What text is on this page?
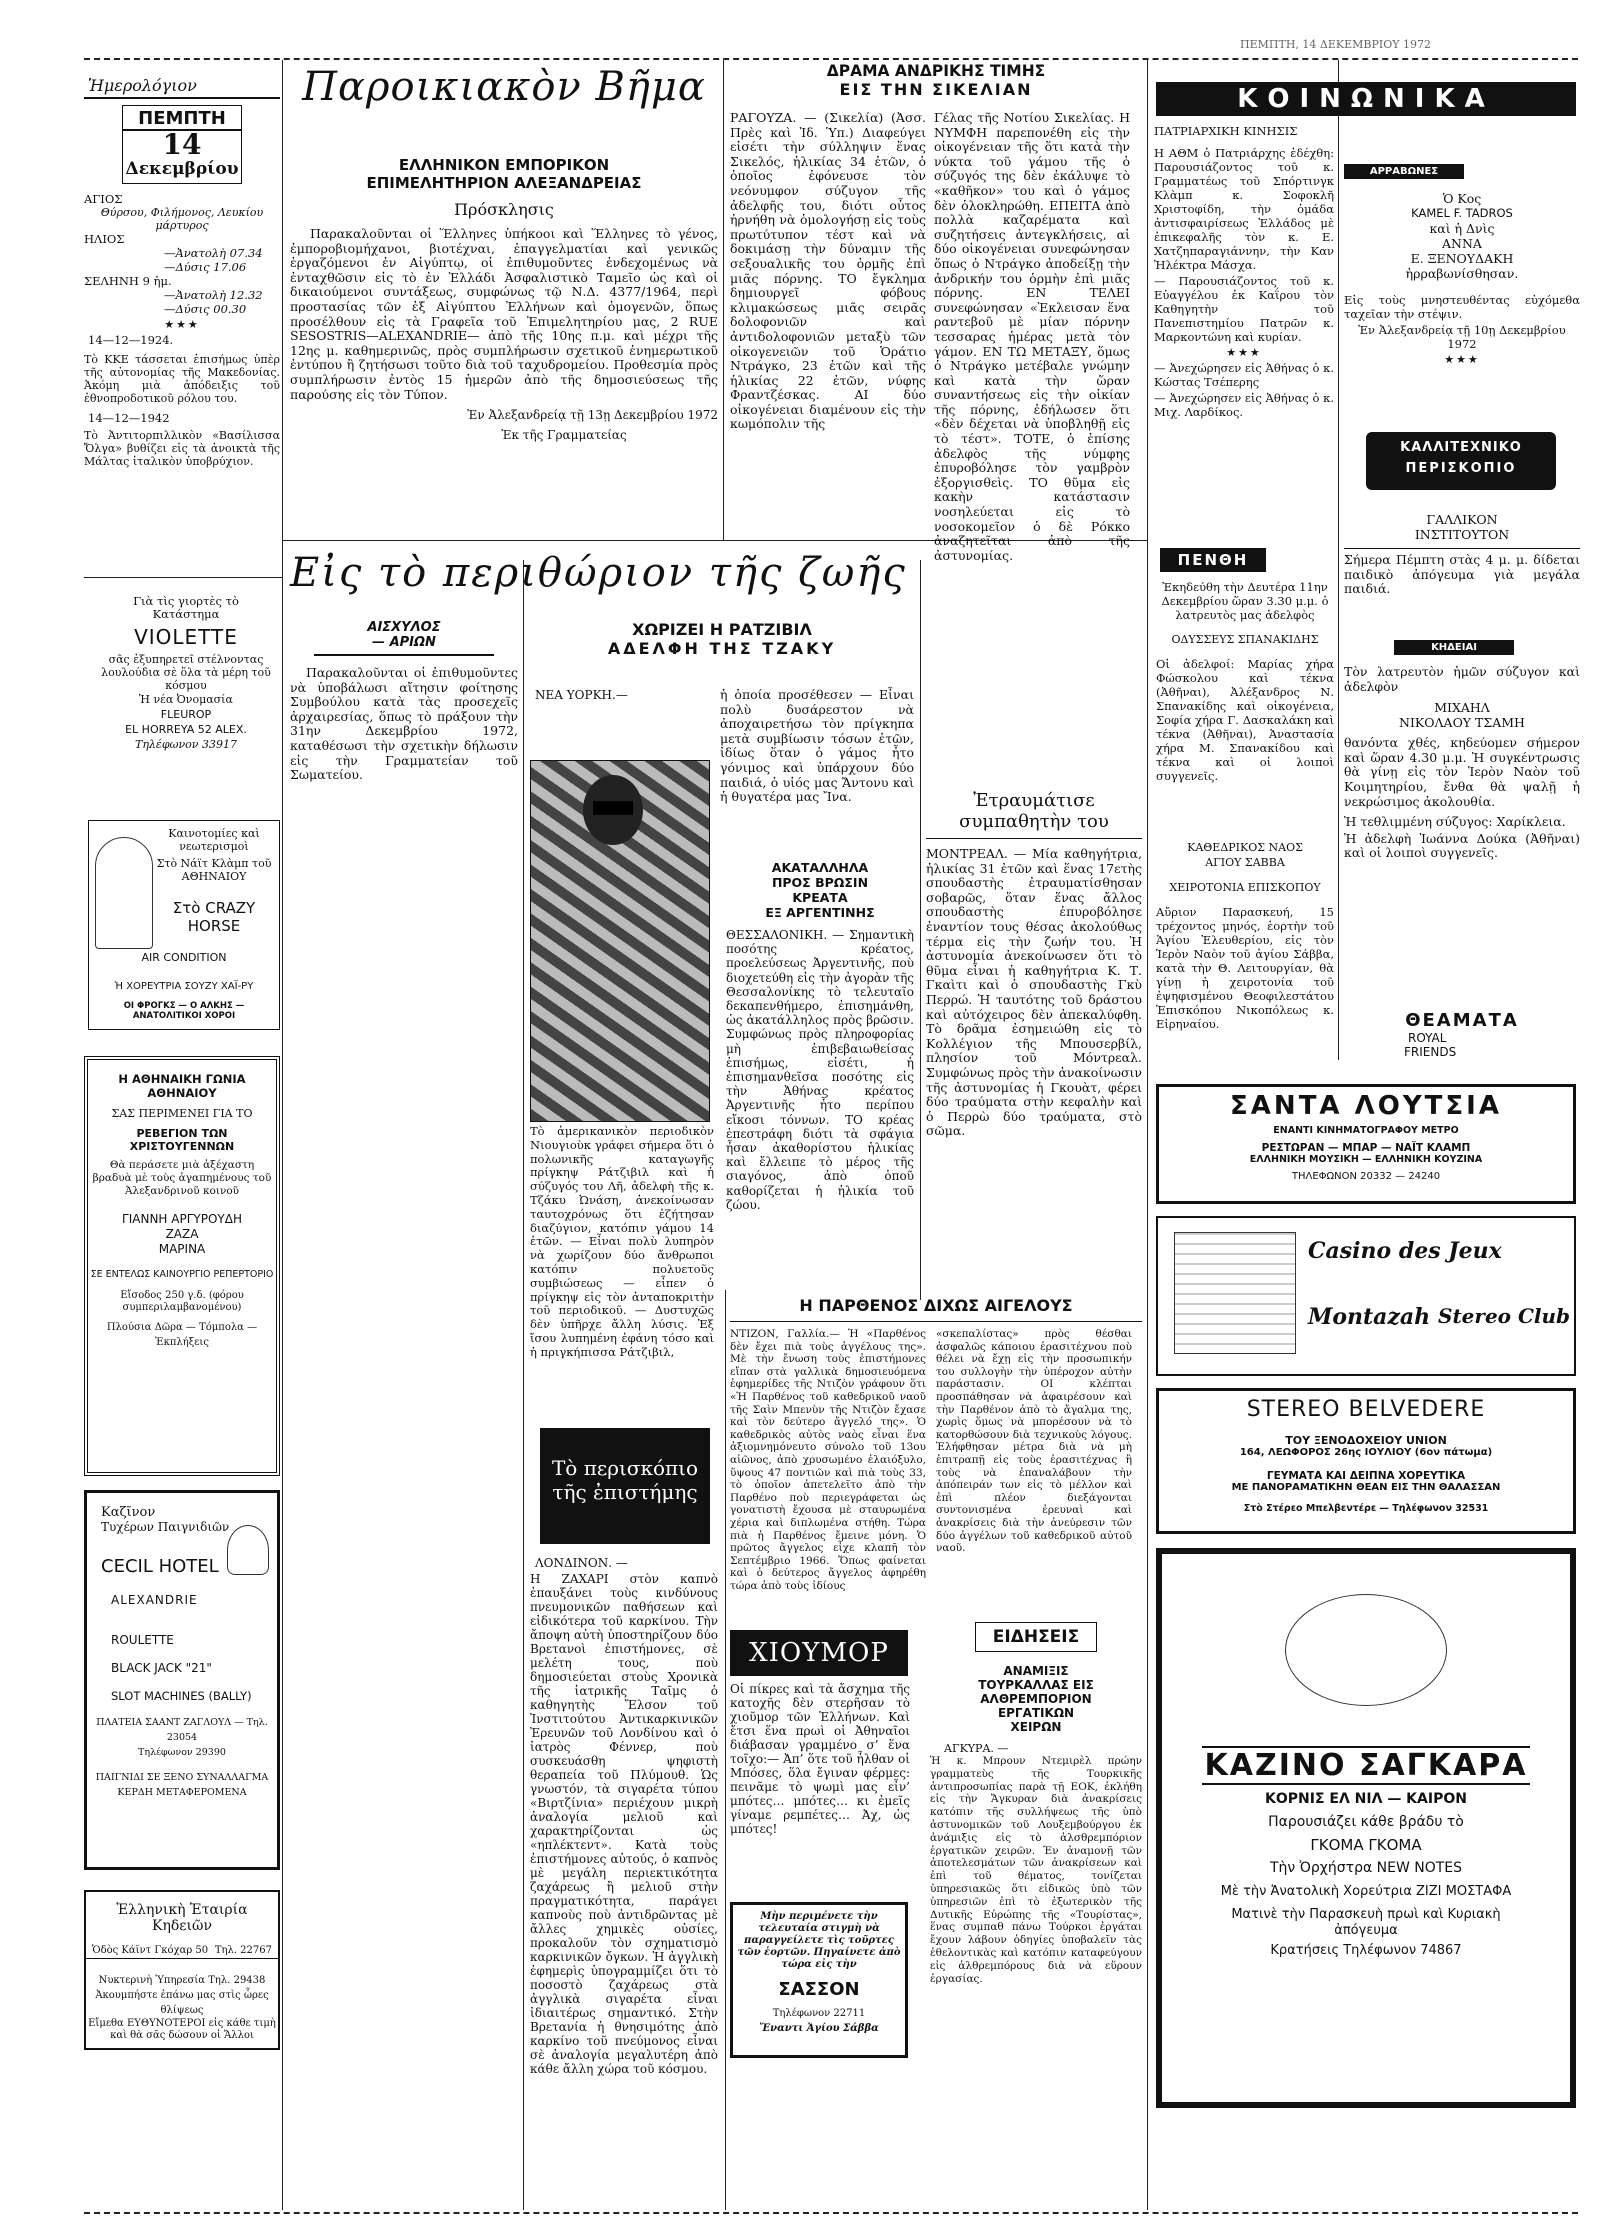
ΠΕΜΠΤΗ, 14 ΔΕΚΕΜΒΡΙΟΥ 1972
Ἡμερολόγιον
ΠΕΜΠΤΗ
14
Δεκεμβρίου
ΑΓΙΟΣ
Θύρσου, Φιλήμονος, Λευκίου μάρτυρος
ΗΛΙΟΣ
—Ἀνατολὴ 07.34
—Δύσις 17.06
ΣΕΛΗΝΗ 9 ἡμ.
—Ἀνατολὴ 12.32
—Δύσις 00.30
★★★
14—12—1924.

Τὸ ΚΚΕ τάσσεται ἐπισήμως ὑπὲρ τῆς αὐτονομίας τῆς Μακεδονίας. Ἀκόμη μιὰ ἀπόδειξις τοῦ ἐθνοπροδοτικοῦ ρόλου του.

14—12—1942

Τὸ Ἀντιτορπιλλικὸν «Βασίλισσα Ὄλγα» βυθίζει εἰς τὰ ἀνοικτὰ τῆς Μάλτας ἰταλικὸν ὑποβρύχιον.

Γιὰ τὶς γιορτὲς τὸ Κατάστημα
VIOLETTE
σᾶς ἐξυπηρετεῖ στέλνοντας λουλούδια σὲ ὅλα τὰ μέρη τοῦ κόσμου
Ἡ νέα Ὀνομασία
FLEUROP
EL HORREYA 52 ALEX.
Τηλέφωνον 33917
Καινοτομίες καὶ νεωτερισμοὶ
Στὸ Νάϊτ Κλὰμπ τοῦ ΑΘΗΝΑΙΟΥ
Στὸ CRAZY HORSE
AIR CONDITION
Ἡ ΧΟΡΕΥΤΡΙΑ ΣΟΥΖΥ ΧΑΪ-ΡΥ
ΟΙ ΦΡΟΓΚΣ — Ο ΑΛΚΗΣ — ΑΝΑΤΟΛΙΤΙΚΟΙ ΧΟΡΟΙ
Η ΑΘΗΝΑΙΚΗ ΓΩΝΙΑ ΑΘΗΝΑΙΟΥ
ΣΑΣ ΠΕΡΙΜΕΝΕΙ ΓΙΑ ΤΟ
ΡΕΒΕΓΙΟΝ ΤΩΝ ΧΡΙΣΤΟΥΓΕΝΝΩΝ
Θὰ περάσετε μιὰ ἀξέχαστη βραδυὰ μὲ τοὺς ἀγαπημένους τοῦ Ἀλεξανδρινοῦ κοινοῦ
ΓΙΑΝΝΗ ΑΡΓΥΡΟΥΔΗ
ΖΑΖΑ
ΜΑΡΙΝΑ
ΣΕ ΕΝΤΕΛΩΣ ΚΑΙΝΟΥΡΓΙΟ ΡΕΠΕΡΤΟΡΙΟ
Εἴσοδος 250 γ.δ. (φόρου συμπεριλαμβανομένου)
Πλούσια Δῶρα — Τόμπολα — Ἐκπλήξεις
Καζῖνον
Τυχέρων Παιγνιδιῶν
CECIL HOTEL
ALEXANDRIE
ROULETTE
BLACK JACK "21"
SLOT MACHINES (BALLY)
ΠΛΑΤΕΙΑ ΣΑΑΝΤ ΖΑΓΛΟΥΛ — Τηλ. 23054
Τηλέφωνον 29390
ΠΑΙΓΝΙΔΙ ΣΕ ΞΕΝΟ ΣΥΝΑΛΛΑΓΜΑ
ΚΕΡΔΗ ΜΕΤΑΦΕΡΟΜΕΝΑ
Ἑλληνικὴ Ἑταιρία Κηδειῶν
Ὁδὸς Κάϊντ Γκόχαρ 50 Τηλ. 22767
Νυκτερινὴ Ὑπηρεσία Τηλ. 29438
Ἀκουμπήστε ἐπάνω μας στὶς ὧρες θλίψεως
Εἴμεθα ΕΥΘΥΝΟΤΕΡΟΙ εἰς κάθε τιμὴ καὶ θὰ σᾶς δώσουν οἱ Ἄλλοι
Παροικιακὸν Βῆμα
ΕΛΛΗΝΙΚΟΝ ΕΜΠΟΡΙΚΟΝ
ΕΠΙΜΕΛΗΤΗΡΙΟΝ ΑΛΕΞΑΝΔΡΕΙΑΣ
Πρόσκλησις

Παρακαλοῦνται οἱ Ἕλληνες ὑπήκοοι καὶ Ἕλληνες τὸ γένος, ἐμποροβιομήχανοι, βιοτέχναι, ἐπαγγελματίαι καὶ γενικῶς ἐργαζόμενοι ἐν Αἰγύπτῳ, οἱ ἐπιθυμοῦντες ἐνδεχομένως νὰ ἐνταχθῶσιν εἰς τὸ ἐν Ἑλλάδι Ἀσφαλιστικὸ Ταμεῖο ὡς καὶ οἱ δικαιούμενοι συντάξεως, συμφώνως τῷ Ν.Δ. 4377/1964, περὶ προστασίας τῶν ἐξ Αἰγύπτου Ἑλλήνων καὶ ὁμογενῶν, ὅπως προσέλθουν εἰς τὰ Γραφεῖα τοῦ Ἐπιμελητηρίου μας, 2 RUE SESOSTRIS—ALEXANDRIE— ἀπὸ τῆς 10ης π.μ. καὶ μέχρι τῆς 12ης μ. καθημερινῶς, πρὸς συμπλήρωσιν σχετικοῦ ἐνημερωτικοῦ ἐντύπου ἢ ζητήσωσι τοῦτο διὰ τοῦ ταχυδρομείου. Προθεσμία πρὸς συμπλήρωσιν ἐντὸς 15 ἡμερῶν ἀπὸ τῆς δημοσιεύσεως τῆς παρούσης εἰς τὸν Τύπον.

Ἐν Ἀλεξανδρείᾳ τῇ 13ῃ Δεκεμβρίου 1972
Ἐκ τῆς Γραμματείας
ΔΡΑΜΑ ΑΝΔΡΙΚΗΣ ΤΙΜΗΣ
ΕΙΣ ΤΗΝ ΣΙΚΕΛΙΑΝ

ΡΑΓΟΥΖΑ. — (Σικελία) (Ἀσσ. Πρὲς καὶ Ἰδ. Ὑπ.) Διαφεύγει εἰσέτι τὴν σύλληψιν ἕνας Σικελός, ἡλικίας 34 ἐτῶν, ὁ ὁποῖος ἐφόνευσε τὸν νεόνυμφον σύζυγον τῆς ἀδελφῆς του, διότι οὗτος ἠρνήθη νὰ ὁμολογήσῃ εἰς τοὺς πρωτύτυπον τέστ καὶ νὰ δοκιμάσῃ τὴν δύναμιν τῆς σεξουαλικῆς του ὁρμῆς ἐπὶ μιᾶς πόρνης. ΤΟ ἔγκλημα δημιουργεῖ φόβους κλιμακώσεως μιᾶς σειρᾶς δολοφονιῶν καὶ ἀντιδολοφονιῶν μεταξὺ τῶν οἰκογενειῶν τοῦ Ὁράτιο Ντράγκο, 23 ἐτῶν καὶ τῆς ἡλικίας 22 ἐτῶν, νύφης Φραντζέσκας. ΑΙ δύο οἰκογένειαι διαμένουν εἰς τὴν κωμόπολιν τῆς

Γέλας τῆς Νοτίου Σικελίας. Η ΝΥΜΦΗ παρεπονέθη εἰς τὴν οἰκογένειαν τῆς ὅτι κατὰ τὴν νύκτα τοῦ γάμου τῆς ὁ σύζυγός της δὲν ἐκάλυψε τὸ «καθῆκον» του καὶ ὁ γάμος δὲν ὁλοκληρώθη. ΕΠΕΙΤΑ ἀπὸ πολλὰ καζαρέματα καὶ συζητήσεις ἀντεγκλήσεις, αἱ δύο οἰκογένειαι συνεφώνησαν ὅπως ὁ Ντράγκο ἀποδείξῃ τὴν ἀνδρικήν του ὁρμὴν ἐπὶ μιᾶς πόρνης. ΕΝ ΤΕΛΕΙ συνεφώνησαν «Ἐκλεισαν ἕνα ραντεβοῦ μὲ μίαν πόρνην τεσσαρας ἡμέρας μετὰ τὸν γάμον. ΕΝ ΤΩ ΜΕΤΑΞΥ, ὅμως ὁ Ντράγκο μετέβαλε γνώμην καὶ κατὰ τὴν ὥραν συναντήσεως εἰς τὴν οἰκίαν τῆς πόρνης, ἐδήλωσεν ὅτι «δὲν δέχεται νὰ ὑποβληθῇ εἰς τὸ τέστ». ΤΟΤΕ, ὁ ἐπίσης ἀδελφὸς τῆς νύμφης ἐπυροβόλησε τὸν γαμβρὸν ἐξοργισθεὶς. ΤΟ θῦμα εἰς κακὴν κατάστασιν νοσηλεύεται εἰς τὸ νοσοκομεῖον ὁ δὲ Ρόκκο ἀναζητεῖται ἀπὸ τῆς ἀστυνομίας.

Εἰς τὸ περιθώριον τῆς ζωῆς
ΑΙΣΧΥΛΟΣ
— ΑΡΙΩΝ

Παρακαλοῦνται οἱ ἐπιθυμοῦντες νὰ ὑποβάλωσι αἴτησιν φοίτησης Συμβούλου κατὰ τὰς προσεχεῖς ἀρχαιρεσίας, ὅπως τὸ πράξουν τὴν 31ην Δεκεμβρίου 1972, καταθέσωσι τὴν σχετικὴν δήλωσιν εἰς τὴν Γραμματείαν τοῦ Σωματείου.

ΧΩΡΙΖΕΙ Η ΡΑΤΖΙΒΙΛ
ΑΔΕΛΦΗ ΤΗΣ ΤΖΑΚΥ
ΝΕΑ ΥΟΡΚΗ.—

Τὸ ἀμερικανικὸν περιοδικὸν Νιουγιοὺκ γράφει σήμερα ὅτι ὁ πολωνικῆς καταγωγῆς πρίγκηψ Ράτζιβιλ καὶ ἡ σύζυγός του Λῆ, ἀδελφὴ τῆς κ. Τζάκυ Ὠνάση, ἀνεκοίνωσαν ταυτοχρόνως ὅτι ἐζήτησαν διαζύγιον, κατόπιν γάμου 14 ἐτῶν. — Εἶναι πολὺ λυπηρὸν νὰ χωρίζουν δύο ἄνθρωποι κατόπιν πολυετοῦς συμβιώσεως — εἶπεν ὁ πρίγκηψ εἰς τὸν ἀνταποκριτὴν τοῦ περιοδικοῦ. — Δυστυχῶς δὲν ὑπῆρχε ἄλλη λύσις. Ἐξ ἴσου λυπημένη ἐφάνη τόσο καὶ ἡ πριγκήπισσα Ράτζιβιλ,

ἡ ὁποία προσέθεσεν — Εἶναι πολὺ δυσάρεστον νὰ ἀποχαιρετήσω τὸν πρίγκηπα μετὰ συμβίωσιν τόσων ἐτῶν, ἰδίως ὅταν ὁ γάμος ἦτο γόνιμος καὶ ὑπάρχουν δύο παιδιά, ὁ υἱός μας Ἄντονυ καὶ ἡ θυγατέρα μας Ἴνα.

Τὸ περισκόπιο
τῆς ἐπιστήμης
ΛΟΝΔΙΝΟΝ. —

Η ΖΑΧΑΡΙ στὸν καπνὸ ἐπαυξάνει τοὺς κινδύνους πνευμονικῶν παθήσεων καὶ εἰδικότερα τοῦ καρκίνου. Τὴν ἄποψη αὐτὴ ὑποστηρίζουν δύο Βρετανοὶ ἐπιστήμονες, σὲ μελέτη τους, ποὺ δημοσιεύεται στοὺς Χρονικὰ τῆς ἰατρικῆς Ταῖμς ὁ καθηγητὴς Ἔλσον τοῦ Ἰνστιτούτου Ἀντικαρκινικῶν Ἐρευνῶν τοῦ Λονδίνου καὶ ὁ ἰατρὸς Φέννερ, ποὺ συσκευάσθη ψηφιστὴ θεραπεία τοῦ Πλύμουθ. Ὡς γνωστόν, τὰ σιγαρέτα τύπου «Βιρτζίνια» περιέχουν μικρὴ ἀναλογία μελιοῦ καὶ χαρακτηρίζονται ὡς «ηπλέκτεντ». Κατὰ τοὺς ἐπιστήμονες αὐτούς, ὁ καπνὸς μὲ μεγάλη περιεκτικότητα ζαχάρεως ἢ μελιοῦ στὴν πραγματικότητα, παράγει καπνοὺς ποὺ ἀντιδρῶντας μὲ ἄλλες χημικὲς οὐσίες, προκαλοῦν τὸν σχηματισμὸ καρκινικῶν ὄγκων. Ἡ ἀγγλικὴ ἐφημερὶς ὑπογραμμίζει ὅτι τὸ ποσοστὸ ζαχάρεως στὰ ἀγγλικὰ σιγαρέτα εἶναι ἰδιαιτέρως σημαντικό. Στὴν Βρετανία ἡ θνησιμότης ἀπὸ καρκίνο τοῦ πνεύμονος εἶναι σὲ ἀναλογία μεγαλυτέρη ἀπὸ κάθε ἄλλη χώρα τοῦ κόσμου.

ΑΚΑΤΑΛΛΗΛΑ
ΠΡΟΣ ΒΡΩΣΙΝ
ΚΡΕΑΤΑ
ΕΞ ΑΡΓΕΝΤΙΝΗΣ

ΘΕΣΣΑΛΟΝΙΚΗ. — Σημαντικὴ ποσότης κρέατος, προελεύσεως Ἀργεντινῆς, ποὺ διοχετεύθη εἰς τὴν ἀγορὰν τῆς Θεσσαλονίκης τὸ τελευταῖο δεκαπενθήμερο, ἐπισημάνθη, ὡς ἀκατάλληλος πρὸς βρῶσιν. Συμφώνως πρὸς πληροφορίας μὴ ἐπιβεβαιωθείσας ἐπισήμως, εἰσέτι, ἡ ἐπισημανθεῖσα ποσότης εἰς τὴν Ἀθήνας κρέατος Ἀργεντινῆς ἦτο περίπου εἴκοσι τόννων. ΤΟ κρέας ἐπεστράφη διότι τὰ σφάγια ἦσαν ἀκαθορίστου ἡλικίας καὶ ἔλλειπε τὸ μέρος τῆς σιαγόνος, ἀπὸ ὁποῦ καθορίζεται ἡ ἡλικία τοῦ ζώου.

Ἐτραυμάτισε
συμπαθητὴν του

ΜΟΝΤΡΕΑΛ. — Μία καθηγήτρια, ἡλικίας 31 ἐτῶν καὶ ἕνας 17ετὴς σπουδαστὴς ἐτραυματίσθησαν σοβαρῶς, ὅταν ἕνας ἄλλος σπουδαστὴς ἐπυροβόλησε ἐναντίον τους θέσας ἀκολούθως τέρμα εἰς τὴν ζωήν του. Ἡ ἀστυνομία ἀνεκοίνωσεν ὅτι τὸ θῦμα εἶναι ἡ καθηγήτρια Κ. Τ. Γκαὶτι καὶ ὁ σπουδαστὴς Γκὺ Περρώ. Ἡ ταυτότης τοῦ δράστου καὶ αὐτόχειρος δὲν ἀπεκαλύφθη. Τὸ δρᾶμα ἐσημειώθη εἰς τὸ Κολλέγιον τῆς Μπουσερβίλ, πλησίον τοῦ Μόντρεαλ. Συμφώνως πρὸς τὴν ἀνακοίνωσιν τῆς ἀστυνομίας ἡ Γκουὰτ, φέρει δύο τραύματα στὴν κεφαλὴν καὶ ὁ Περρὼ δύο τραύματα, στὸ σῶμα.

Η ΠΑΡΘΕΝΟΣ ΔΙΧΩΣ ΑΙΓΕΛΟΥΣ

ΝΤΙΖΟΝ, Γαλλία.— Ἡ «Παρθένος δὲν ἔχει πιὰ τοὺς ἀγγέλους της». Μὲ τὴν ἔνωση τοὺς ἐπιστήμονες εἴπαν στὰ γαλλικὰ δημοσιευόμενα ἐφημερίδες τῆς Ντιζὸν γράφουν ὅτι «Ἡ Παρθένος τοῦ καθεδρικοῦ ναοῦ τῆς Σαὶν Μπενὺν τῆς Ντιζὸν ἔχασε καὶ τὸν δεύτερο ἄγγελό της». Ὁ καθεδρικὸς αὐτὸς ναὸς εἶναι ἕνα ἀξιομνημόνευτο σύνολο τοῦ 13ου αἰῶνος, ἀπὸ χρυσωμένο ἐλαιόξυλο, ὕψους 47 ποντιῶν καὶ πιὰ τοὺς 33, τὸ ὁποῖον ἀπετελεῖτο ἀπὸ τὴν Παρθένο ποὺ περιεγράφεται ὡς γονατιστὴ ἔχουσα μὲ σταυρωμένα χέρια καὶ διπλωμένα στήθη. Τώρα πιὰ ἡ Παρθένος ἔμεινε μόνη. Ὁ πρῶτος ἄγγελος εἶχε κλαπῆ τὸν Σεπτέμβριο 1966. Ὅπως φαίνεται καὶ ὁ δεύτερος ἄγγελος ἀφηρέθη τώρα ἀπὸ τοὺς ἰδίους

«σκεπαλίστας» πρὸς θέσθαι ἀσφαλῶς κάποιου ἐρασιτέχνου ποὺ θέλει νὰ ἔχῃ εἰς τὴν προσωπικήν του συλλογὴν τὴν ὑπέροχον αὐτὴν παράστασιν. ΟΙ κλέπται προσπάθησαν νὰ ἀφαιρέσουν καὶ τὴν Παρθένον ἀπὸ τὸ ἄγαλμα της, χωρὶς ὅμως νὰ μπορέσουν νὰ τὸ κατορθώσουν διὰ τεχνικοὺς λόγους. Ἐλήφθησαν μέτρα διὰ νὰ μὴ ἐπιτραπῇ εἰς τοὺς ἐρασιτέχνας ἢ τοὺς νὰ ἐπαναλάβουν τὴν ἀπόπειράν των εἰς τὸ μέλλον καὶ ἐπὶ πλέον διεξάγονται συντονισμένα ἐρευναὶ καὶ ἀνακρίσεις διὰ τὴν ἀνεύρεσιν τῶν δύο ἀγγέλων τοῦ καθεδρικοῦ αὐτοῦ ναοῦ.

ΧΙΟΥΜΟΡ

Οἱ πίκρες καὶ τὰ ἄσχημα τῆς κατοχῆς δὲν στερῆσαν τὸ χιοῦμορ τῶν Ἑλλήνων. Καὶ ἔτσι ἕνα πρωὶ οἱ Ἀθηναῖοι διάβασαν γραμμένο σ’ ἕνα τοῖχο:— Ἀπ’ ὅτε τοῦ ἦλθαν οἱ Μπόσες, ὅλα ἔγιναν φέρμες: πεινᾶμε τὸ ψωμὶ μας εἶν’ μπότες… μπότες… κι ἐμεῖς γίναμε ρεμπέτες… Ἀχ, ὡς μπότες!

Μὴν περιμένετε τὴν τελευταία στιγμὴ νὰ παραγγείλετε τὶς τοῦρτες τῶν ἑορτῶν. Πηγαίνετε ἀπὸ τώρα εἰς τὴν
ΣΑΣΣΟΝ
Τηλέφωνον 22711
Ἔναντι Ἁγίου Σάββα
ΕΙΔΗΣΕΙΣ
ΑΝΑΜΙΞΙΣ
ΤΟΥΡΚΑΛΛΑΣ ΕΙΣ
ΑΛΘΡΕΜΠΟΡΙΟΝ
ΕΡΓΑΤΙΚΩΝ
ΧΕΙΡΩΝ
ΑΓΚΥΡΑ. —

Ἡ κ. Μπρουν Ντεμιρὲλ πρώην γραμματεὺς τῆς Τουρκικῆς ἀντιπροσωπίας παρὰ τῇ ΕΟΚ, ἐκλήθη εἰς τὴν Ἄγκυραν διὰ ἀνακρίσεις κατόπιν τῆς συλλήψεως τῆς ὑπὸ ἀστυνομικῶν τοῦ Λουξεμβούργου ἐκ ἀνάμιξις εἰς τὸ ἀλσθρεμπόριον ἐργατικῶν χειρῶν. Ἐν ἀναμονῇ τῶν ἀποτελεσμάτων τῶν ἀνακρίσεων καὶ ἐπὶ τοῦ θέματος, τονίζεται ὑπηρεσιακῶς ὅτι εἰδικῶς ὑπὸ τῶν ὑπηρεσιῶν ἐπὶ τὸ ἐξωτερικὸν τῆς Δυτικῆς Εὐρώπης τῆς «Τουρίστας», ἕνας συμπαθ πάνω Τούρκοι ἐργάται ἔχουν λάβουν ὁδηγίες ὑποβαλεῖν τὰς ἐθελοντικὰς καὶ κατόπιν καταφεύγουν εἰς ἀλθρεμπόρους διὰ νὰ εὕρουν ἐργασίας.

ΚΟΙΝΩΝΙΚΑ
ΠΑΤΡΙΑΡΧΙΚΗ ΚΙΝΗΣΙΣ

Η ΑΘΜ ὁ Πατριάρχης ἐδέχθη: Παρουσιάζοντος τοῦ κ. Γραμματέως τοῦ Σπόρτινγκ Κλὰμπ κ. Σοφοκλῆ Χριστοφίδη, τὴν ὁμάδα ἀντισφαιρίσεως Ἑλλάδος μὲ ἐπικεφαλῆς τὸν κ. Ε. Χατζηπαραγιάννην, τὴν Καν Ἠλέκτρα Μάσχα.

— Παρουσιάζοντος τοῦ κ. Εὐαγγέλου ἐκ Καΐρου τὸν Καθηγητὴν τοῦ Πανεπιστημίου Πατρῶν κ. Μαρκοντώνη καὶ κυρίαν.

★★★

— Ἀνεχώρησεν εἰς Ἀθήνας ὁ κ. Κώστας Τσέπερης

— Ἀνεχώρησεν εἰς Ἀθήνας ὁ κ. Μιχ. Λαρδίκος.

ΑΡΡΑΒΩΝΕΣ
Ὁ Κος
KAMEL F. TADROS
καὶ ἡ Δνὶς
ΑΝΝΑ
Ε. ΞΕΝΟΥΔΑΚΗ
ἠρραβωνίσθησαν.

Εἰς τοὺς μνηστευθέντας εὐχόμεθα ταχεῖαν τὴν στέψιν.

Ἐν Ἀλεξανδρείᾳ τῇ 10ῃ Δεκεμβρίου 1972
★★★
ΚΑΛΛΙΤΕΧΝΙΚΟ
ΠΕΡΙΣΚΟΠΙΟ
ΓΑΛΛΙΚΟΝ
ΙΝΣΤΙΤΟΥΤΟΝ

Σήμερα Πέμπτη στὰς 4 μ. μ. δίδεται παιδικὸ ἀπόγευμα γιὰ μεγάλα παιδιά.

ΠΕΝΘΗ

Ἐκηδεύθη τὴν Δευτέρα 11ην Δεκεμβρίου ὥραν 3.30 μ.μ. ὁ λατρευτὸς μας ἀδελφὸς

ΟΔΥΣΣΕΥΣ ΣΠΑΝΑΚΙΔΗΣ

Οἱ ἀδελφοί: Μαρίας χήρα Φώσκολου καὶ τέκνα (Ἀθῆναι), Ἀλέξανδρος Ν. Σπανακίδης καὶ οἰκογένεια, Σοφία χήρα Γ. Δασκαλάκη καὶ τέκνα (Ἀθῆναι), Ἀναστασία χήρα Μ. Σπανακίδου καὶ τέκνα καὶ οἱ λοιποὶ συγγενεῖς.

ΚΗΔΕΙΑΙ

Τὸν λατρευτὸν ἡμῶν σύζυγον καὶ ἀδελφὸν

ΜΙΧΑΗΛ
ΝΙΚΟΛΑΟΥ ΤΣΑΜΗ

θανόντα χθές, κηδεύομεν σήμερον καὶ ὥραν 4.30 μ.μ. Ἡ συγκέντρωσις θὰ γίνῃ εἰς τὸν Ἱερὸν Ναὸν τοῦ Κοιμητηρίου, ἔνθα θὰ ψαλῇ ἡ νεκρώσιμος ἀκολουθία.

Ἡ τεθλιμμένη σύζυγος: Χαρίκλεια.

Ἡ ἀδελφὴ Ἰωάννα Δούκα (Ἀθῆναι) καὶ οἱ λοιποὶ συγγενεῖς.

ΚΑΘΕΔΡΙΚΟΣ ΝΑΟΣ
ΑΓΙΟΥ ΣΑΒΒΑ
ΧΕΙΡΟΤΟΝΙΑ ΕΠΙΣΚΟΠΟΥ

Αὔριον Παρασκευή, 15 τρέχοντος μηνός, ἑορτὴν τοῦ Ἁγίου Ἐλευθερίου, εἰς τὸν Ἱερὸν Ναὸν τοῦ ἁγίου Σάββα, κατὰ τὴν Θ. Λειτουργίαν, θὰ γίνῃ ἡ χειροτονία τοῦ ἐψηφισμένου Θεοφιλεστάτου Ἐπισκόπου Νικοπόλεως κ. Εἰρηναίου.	ΘΕΑΜΑΤΑ
ROYAL
FRIENDS
ΣΑΝΤΑ ΛΟΥΤΣΙΑ
ΕΝΑΝΤΙ ΚΙΝΗΜΑΤΟΓΡΑΦΟΥ ΜΕΤΡΟ
ΡΕΣΤΩΡΑΝ — ΜΠΑΡ — ΝΑΪΤ ΚΛΑΜΠ
ΕΛΛΗΝΙΚΗ ΜΟΥΣΙΚΗ — ΕΛΛΗΝΙΚΗ ΚΟΥΖΙΝΑ
ΤΗΛΕΦΩΝΟΝ 20332 — 24240
Casino des Jeux
Montazah Stereo Club
STEREO BELVEDERE
ΤΟΥ ΞΕΝΟΔΟΧΕΙΟΥ UNION
164, ΛΕΩΦΟΡΟΣ 26ης ΙΟΥΛΙΟΥ (6ον πάτωμα)
ΓΕΥΜΑΤΑ ΚΑΙ ΔΕΙΠΝΑ ΧΟΡΕΥΤΙΚΑ
ΜΕ ΠΑΝΟΡΑΜΑΤΙΚΗΝ ΘΕΑΝ ΕΙΣ ΤΗΝ ΘΑΛΑΣΣΑΝ
Στὸ Στέρεο Μπελβεντέρε — Τηλέφωνον 32531
ΚΑΖΙΝΟ ΣΑΓΚΑΡΑ
ΚΟΡΝΙΣ ΕΛ ΝΙΛ — ΚΑΙΡΟΝ
Παρουσιάζει κάθε βράδυ τὸ
ΓΚΟΜΑ ΓΚΟΜΑ
Τὴν Ὀρχήστρα NEW NOTES
Μὲ τὴν Ἀνατολικὴ Χορεύτρια ΖΙΖΙ ΜΟΣΤΑΦΑ
Ματινὲ τὴν Παρασκευὴ πρωὶ καὶ Κυριακὴ ἀπόγευμα
Κρατήσεις Τηλέφωνον 74867
